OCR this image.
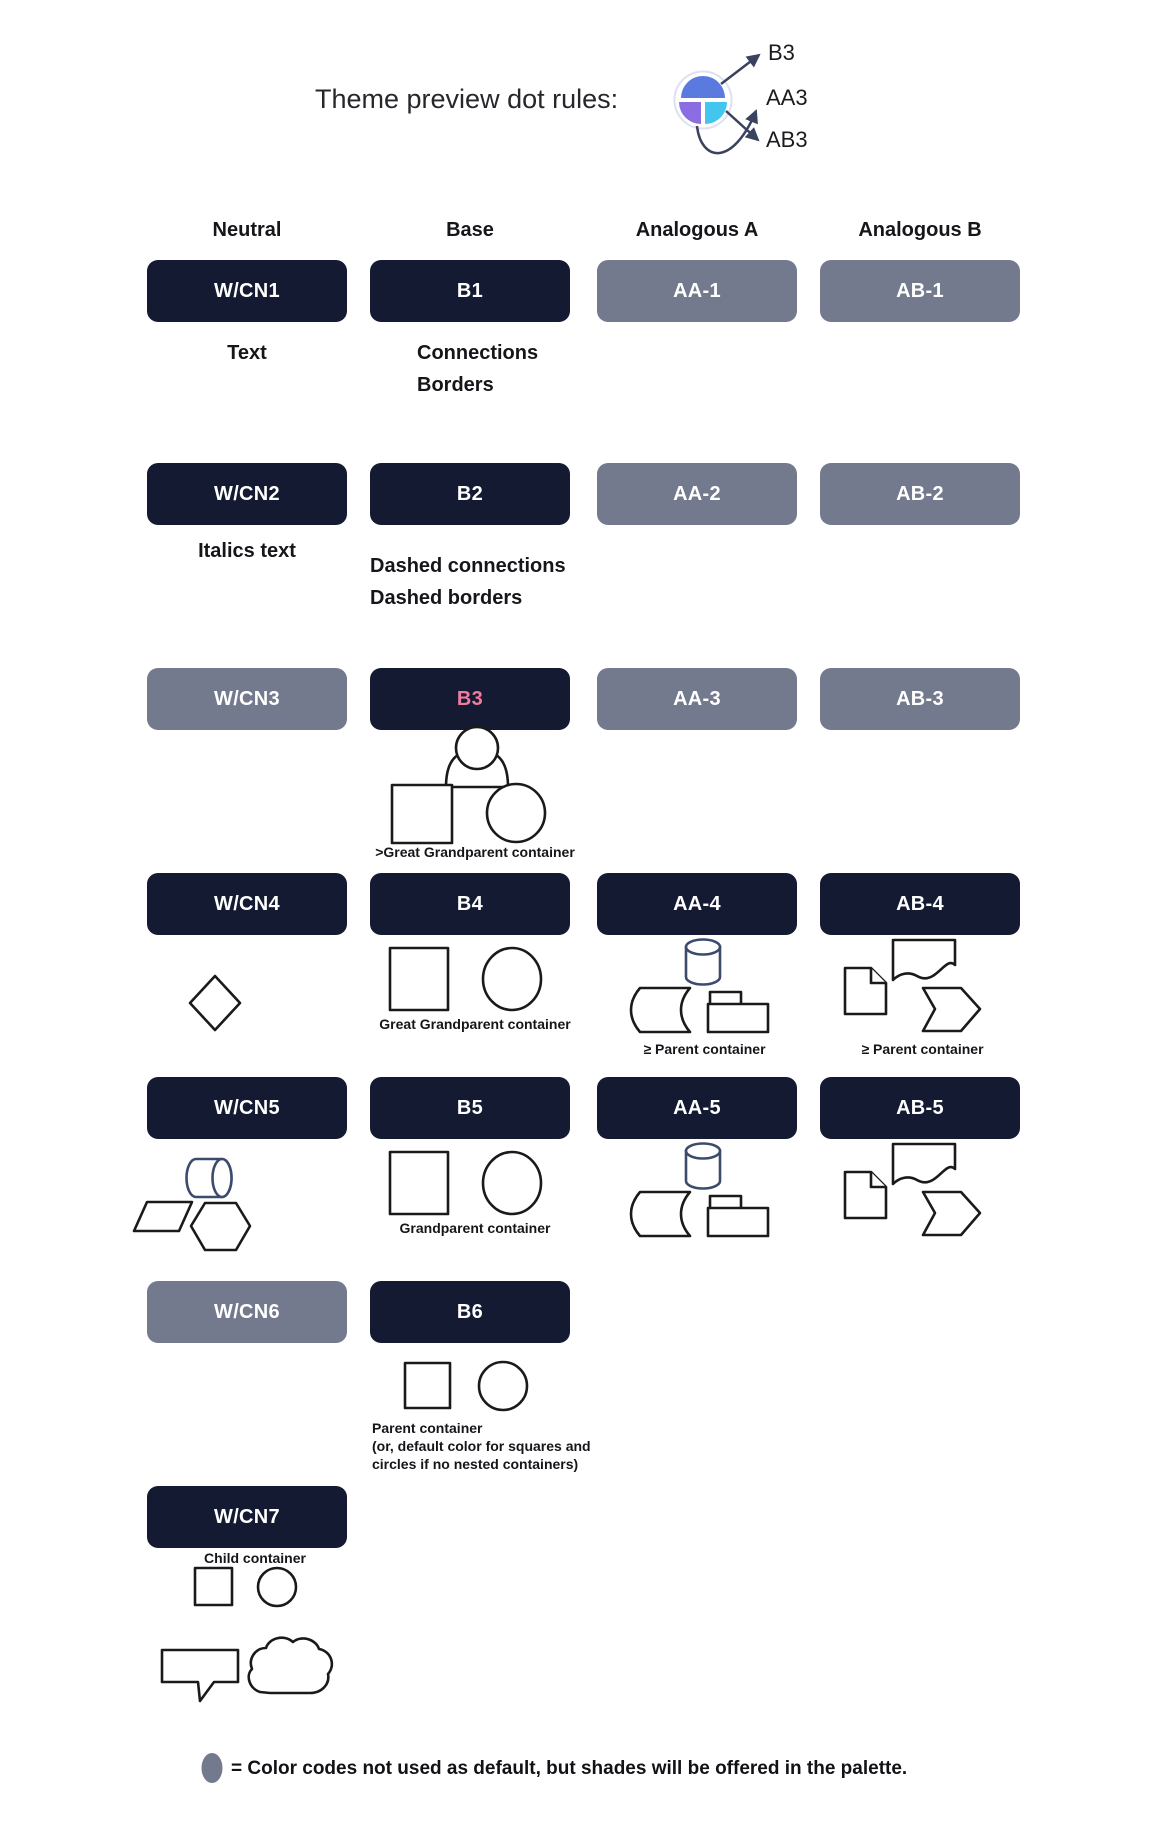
Theme preview dot rules:
B3
AA3
AB3
Neutral	Base	Analogous A	Analogous B
W/CN1	B1	AA-1	AB-1
W/CN2	B2	AA-2	AB-2
W/CN3	B3	AA-3	AB-3
W/CN4	B4	AA-4	AB-4
W/CN5	B5	AA-5	AB-5
W/CN6	B6
W/CN7
Text	Connections
Borders
Italics text
Dashed connections
Dashed borders
>Great Grandparent container
Great Grandparent container
≥ Parent container	≥ Parent container
Grandparent container
Parent container
(or, default color for squares and
circles if no nested containers)
Child container
= Color codes not used as default, but shades will be offered in the palette.
